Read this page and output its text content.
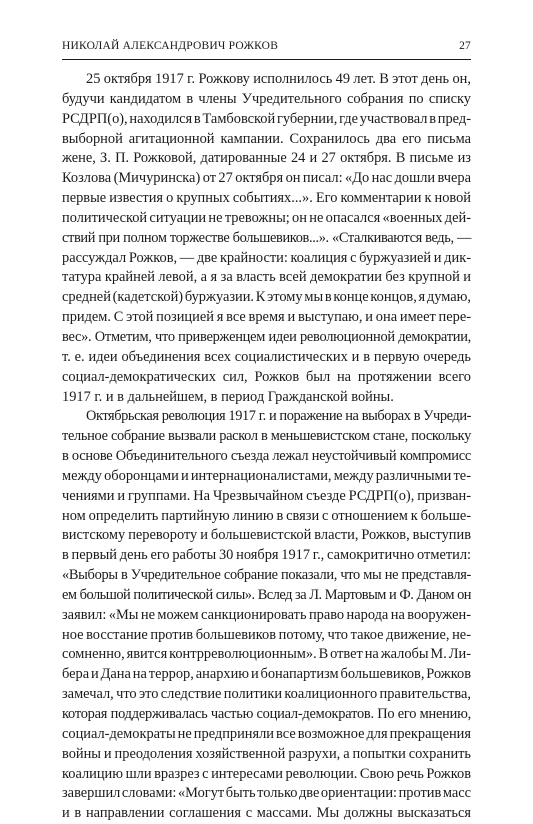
НИКОЛАЙ АЛЕКСАНДРОВИЧ РОЖКОВ	27
25 октября 1917 г. Рожкову исполнилось 49 лет. В этот день он,
будучи кандидатом в члены Учредительного собрания по списку
РСДРП(о), находился в Тамбовской губернии, где участвовал в пред-
выборной агитационной кампании. Сохранилось два его письма
жене, З. П. Рожковой, датированные 24 и 27 октября. В письме из
Козлова (Мичуринска) от 27 октября он писал: «До нас дошли вчера
первые известия о крупных событиях...». Его комментарии к новой
политической ситуации не тревожны; он не опасался «военных дей-
ствий при полном торжестве большевиков...». «Сталкиваются ведь, —
рассуждал Рожков, — две крайности: коалиция с буржуазией и дик-
татура крайней левой, а я за власть всей демократии без крупной и
средней (кадетской) буржуазии. К этому мы в конце концов, я думаю,
придем. С этой позицией я все время и выступаю, и она имеет пере-
вес». Отметим, что приверженцем идеи революционной демократии,
т. е. идеи объединения всех социалистических и в первую очередь
социал-демократических сил, Рожков был на протяжении всего
1917 г. и в дальнейшем, в период Гражданской войны.
Октябрьская революция 1917 г. и поражение на выборах в Учреди-
тельное собрание вызвали раскол в меньшевистском стане, поскольку
в основе Объединительного съезда лежал неустойчивый компромисс
между оборонцами и интернационалистами, между различными те-
чениями и группами. На Чрезвычайном съезде РСДРП(о), призван-
ном определить партийную линию в связи с отношением к больше-
вистскому перевороту и большевистской власти, Рожков, выступив
в первый день его работы 30 ноября 1917 г., самокритично отметил:
«Выборы в Учредительное собрание показали, что мы не представля-
ем большой политической силы». Вслед за Л. Мартовым и Ф. Даном он
заявил: «Мы не можем санкционировать право народа на вооружен-
ное восстание против большевиков потому, что такое движение, не-
сомненно, явится контрреволюционным». В ответ на жалобы М. Ли-
бера и Дана на террор, анархию и бонапартизм большевиков, Рожков
замечал, что это следствие политики коалиционного правительства,
которая поддерживалась частью социал-демократов. По его мнению,
социал-демократы не предприняли все возможное для прекращения
войны и преодоления хозяйственной разрухи, а попытки сохранить
коалицию шли вразрез с интересами революции. Свою речь Рожков
завершил словами: «Могут быть только две ориентации: против масс
и в направлении соглашения с массами. Мы должны высказаться
